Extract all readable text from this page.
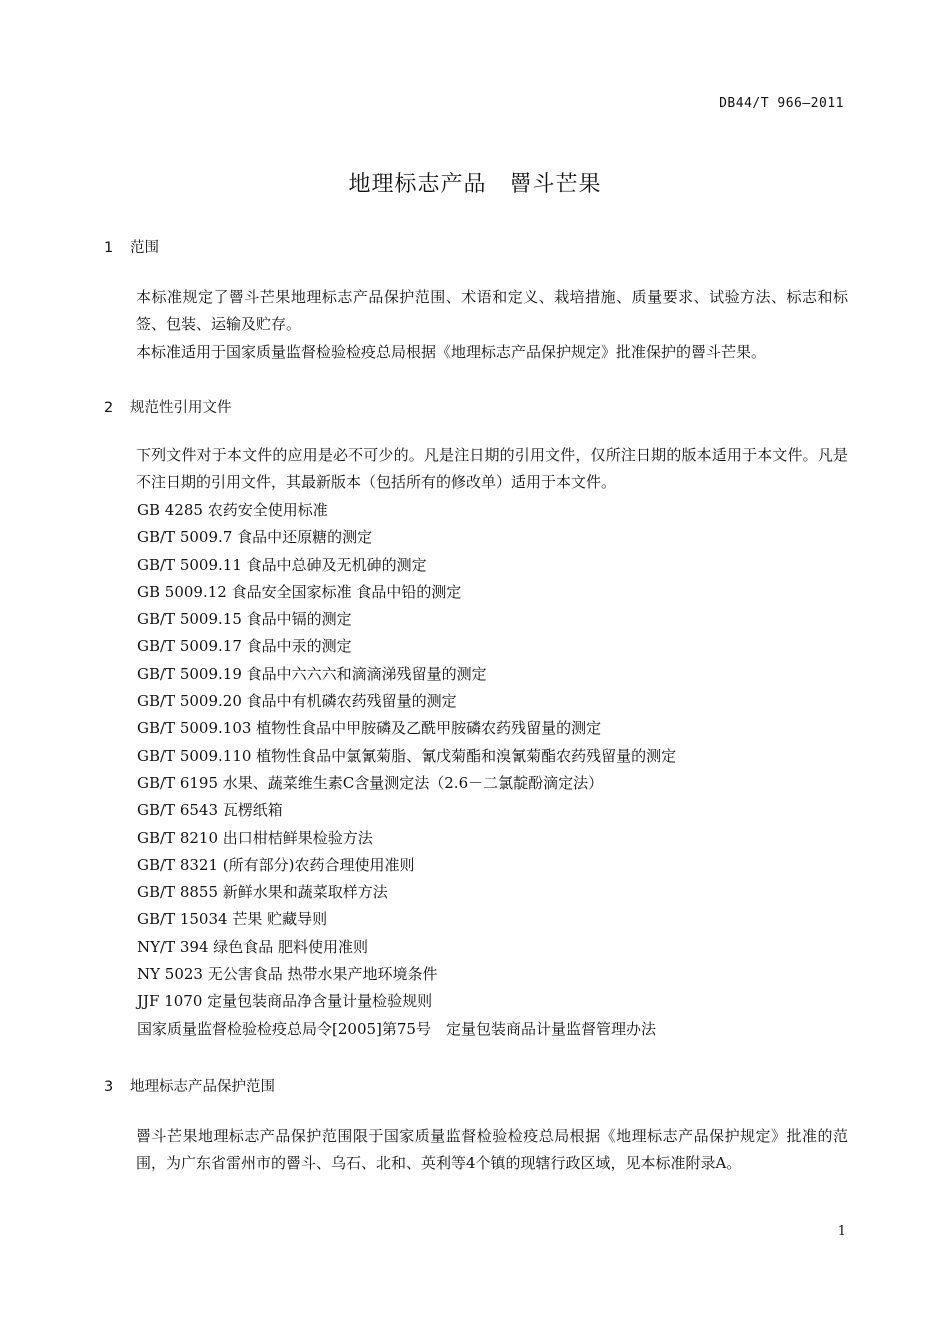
DB44/T 966—2011
地理标志产品　罾斗芒果
1 范围
本标准规定了罾斗芒果地理标志产品保护范围、术语和定义、栽培措施、质量要求、试验方法、标志和标签、包装、运输及贮存。
本标准适用于国家质量监督检验检疫总局根据《地理标志产品保护规定》批准保护的罾斗芒果。
2 规范性引用文件
下列文件对于本文件的应用是必不可少的。凡是注日期的引用文件，仅所注日期的版本适用于本文件。凡是不注日期的引用文件，其最新版本（包括所有的修改单）适用于本文件。
GB 4285 农药安全使用标准
GB/T 5009.7 食品中还原糖的测定
GB/T 5009.11 食品中总砷及无机砷的测定
GB 5009.12 食品安全国家标准 食品中铅的测定
GB/T 5009.15 食品中镉的测定
GB/T 5009.17 食品中汞的测定
GB/T 5009.19 食品中六六六和滴滴涕残留量的测定
GB/T 5009.20 食品中有机磷农药残留量的测定
GB/T 5009.103 植物性食品中甲胺磷及乙酰甲胺磷农药残留量的测定
GB/T 5009.110 植物性食品中氯氰菊脂、氰戊菊酯和溴氰菊酯农药残留量的测定
GB/T 6195 水果、蔬菜维生素C含量测定法（2.6－二氯靛酚滴定法）
GB/T 6543 瓦楞纸箱
GB/T 8210 出口柑桔鲜果检验方法
GB/T 8321 (所有部分)农药合理使用准则
GB/T 8855 新鲜水果和蔬菜取样方法
GB/T 15034 芒果 贮藏导则
NY/T 394 绿色食品 肥料使用准则
NY 5023 无公害食品 热带水果产地环境条件
JJF 1070 定量包装商品净含量计量检验规则
国家质量监督检验检疫总局令[2005]第75号　定量包装商品计量监督管理办法
3 地理标志产品保护范围
罾斗芒果地理标志产品保护范围限于国家质量监督检验检疫总局根据《地理标志产品保护规定》批准的范围，为广东省雷州市的罾斗、乌石、北和、英利等4个镇的现辖行政区域，见本标准附录A。
1
